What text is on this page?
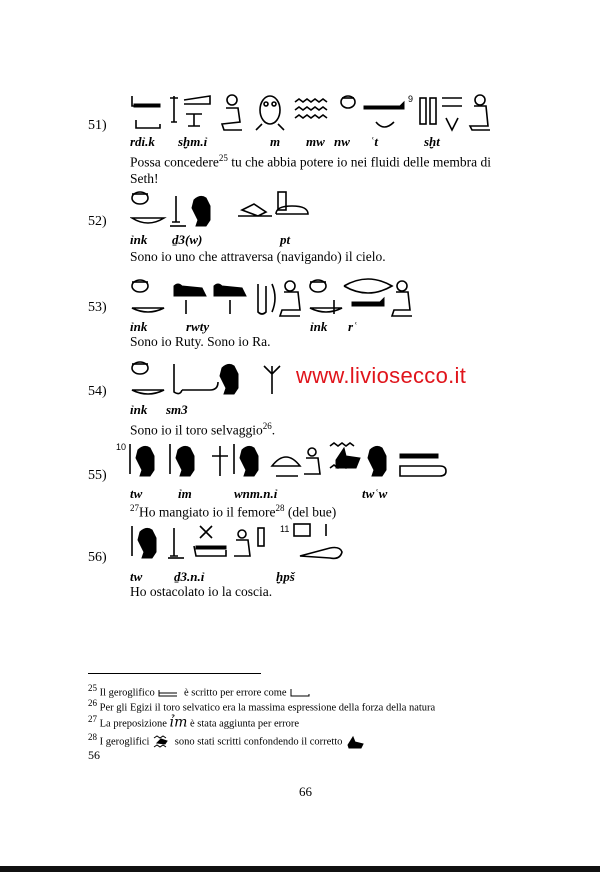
51)
9
rdỉ.k sḫm.ỉ	m mw nw ʿt	sḫt
Possa concedere$^{25}$ tu che abbia potere io nei fluidi delle membra di Seth!
52)
ỉnk ḏ3(w)	pt
Sono io uno che attraversa (navigando) il cielo.
53)
ỉnk	rwty	ỉnk rʿ
Sono io Ruty. Sono io Ra.
www.liviosecco.it
54)
ỉnk sm3
Sono io il toro selvaggio$^{26}$.
55)
10
tw	ỉm	wnm.n.ỉ	twʿw
$^{27}$Ho mangiato io il femore$^{28}$ (del bue)
56)
11
tw ḏ3.n.ỉ	ḫpš
Ho ostacolato io la coscia.
25 Il geroglifico	è scritto per errore come
26 Per gli Egizi il toro selvatico era la massima espressione della forza della natura
27 La preposizione ỉm è stata aggiunta per errore
28 I geroglifici  sono stati scritti confondendo il corretto
56
66
